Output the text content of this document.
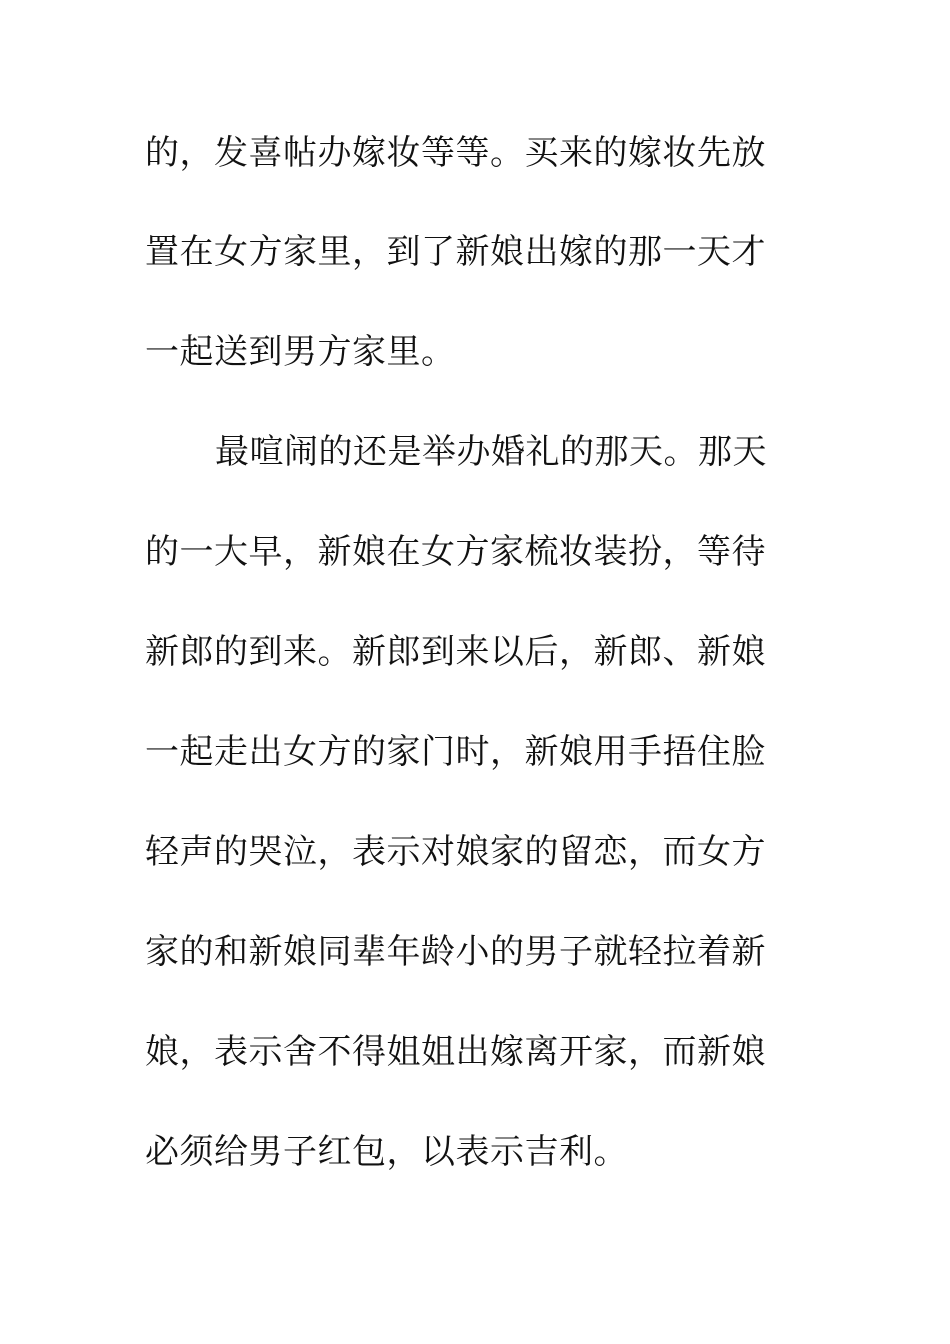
的，发喜帖办嫁妆等等。买来的嫁妆先放
置在女方家里，到了新娘出嫁的那一天才
一起送到男方家里。
最喧闹的还是举办婚礼的那天。那天
的一大早，新娘在女方家梳妆装扮，等待
新郎的到来。新郎到来以后，新郎、新娘
一起走出女方的家门时，新娘用手捂住脸
轻声的哭泣，表示对娘家的留恋，而女方
家的和新娘同辈年龄小的男子就轻拉着新
娘，表示舍不得姐姐出嫁离开家，而新娘
必须给男子红包，以表示吉利。
